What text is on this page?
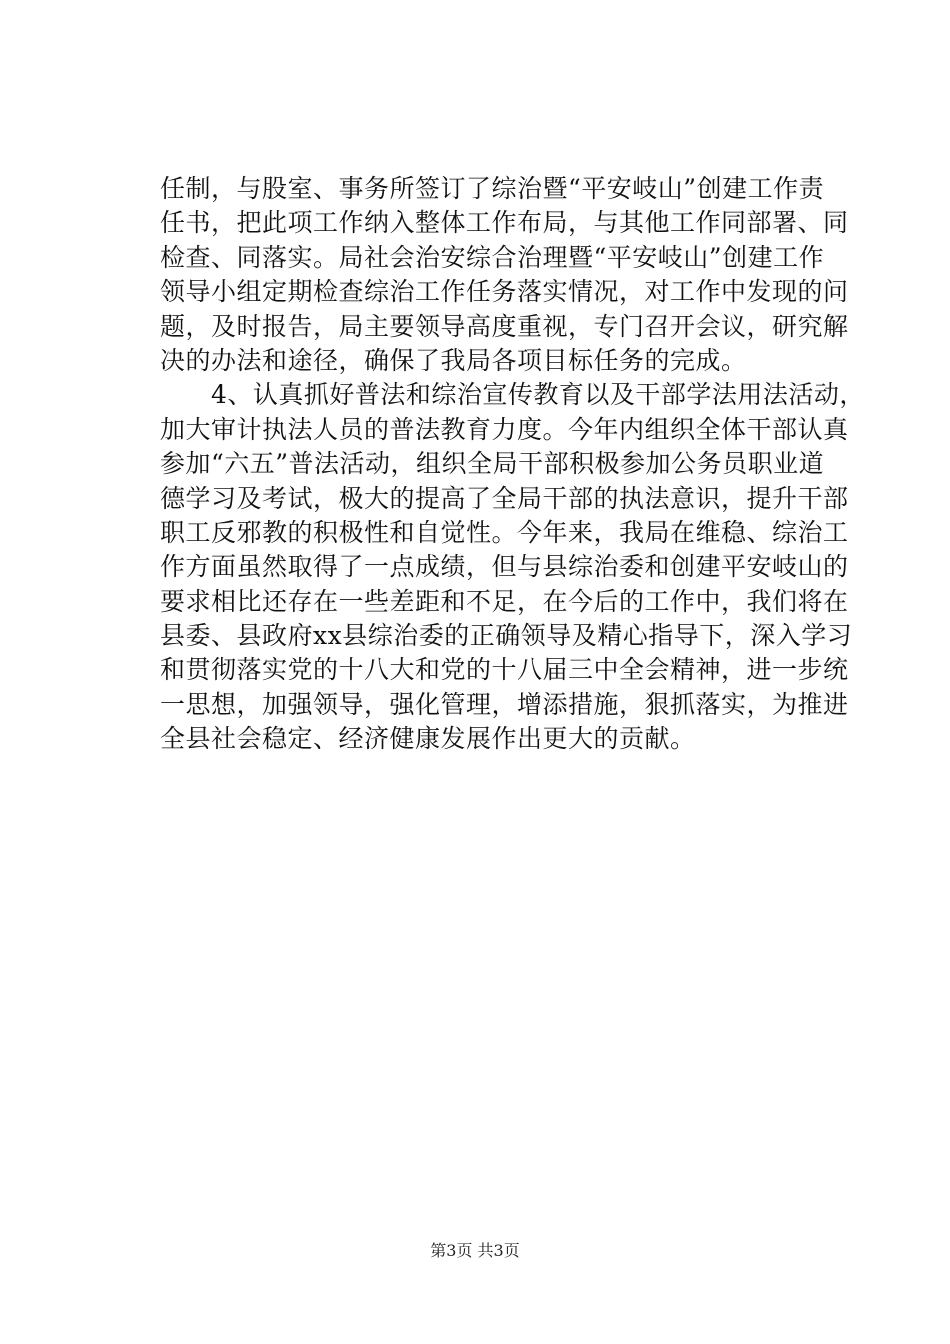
任制，与股室、事务所签订了综治暨“平安岐山”创建工作责
任书，把此项工作纳入整体工作布局，与其他工作同部署、同
检查、同落实。局社会治安综合治理暨“平安岐山”创建工作
领导小组定期检查综治工作任务落实情况，对工作中发现的问
题，及时报告，局主要领导高度重视，专门召开会议，研究解
决的办法和途径，确保了我局各项目标任务的完成。
　　4、认真抓好普法和综治宣传教育以及干部学法用法活动，
加大审计执法人员的普法教育力度。今年内组织全体干部认真
参加“六五”普法活动，组织全局干部积极参加公务员职业道
德学习及考试，极大的提高了全局干部的执法意识，提升干部
职工反邪教的积极性和自觉性。今年来，我局在维稳、综治工
作方面虽然取得了一点成绩，但与县综治委和创建平安岐山的
要求相比还存在一些差距和不足，在今后的工作中，我们将在
县委、县政府xx县综治委的正确领导及精心指导下，深入学习
和贯彻落实党的十八大和党的十八届三中全会精神，进一步统
一思想，加强领导，强化管理，增添措施，狠抓落实，为推进
全县社会稳定、经济健康发展作出更大的贡献。
第3页 共3页
